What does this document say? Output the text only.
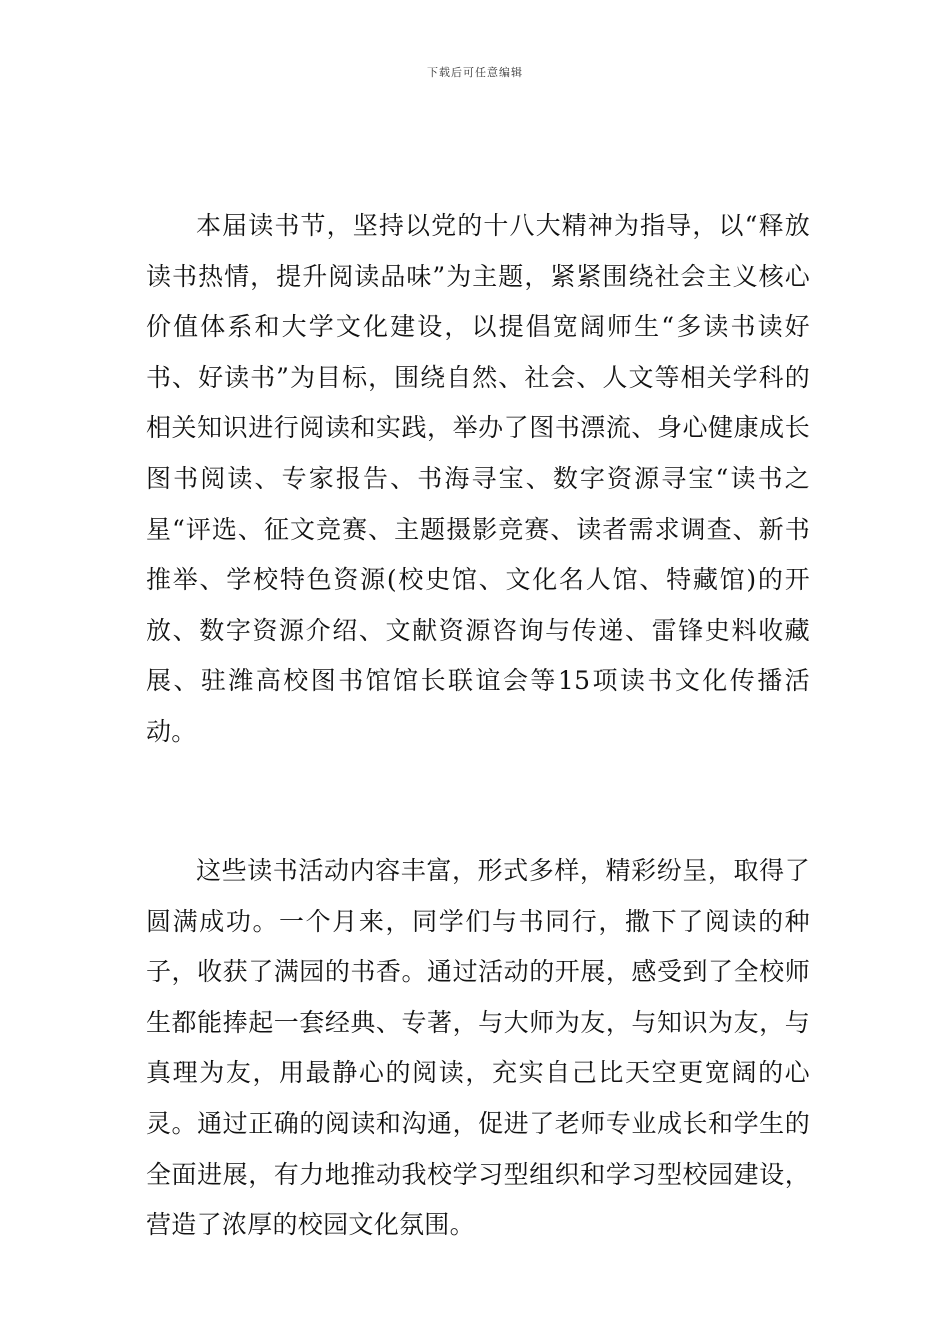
下载后可任意编辑

本届读书节，坚持以党的十八大精神为指导，以“释放读书热情，提升阅读品味”为主题，紧紧围绕社会主义核心价值体系和大学文化建设，以提倡宽阔师生“多读书读好书、好读书”为目标，围绕自然、社会、人文等相关学科的相关知识进行阅读和实践，举办了图书漂流、身心健康成长图书阅读、专家报告、书海寻宝、数字资源寻宝“读书之星“评选、征文竞赛、主题摄影竞赛、读者需求调查、新书推举、学校特色资源(校史馆、文化名人馆、特藏馆)的开放、数字资源介绍、文献资源咨询与传递、雷锋史料收藏展、驻潍高校图书馆馆长联谊会等15项读书文化传播活动。

这些读书活动内容丰富，形式多样，精彩纷呈，取得了圆满成功。一个月来，同学们与书同行，撒下了阅读的种子，收获了满园的书香。通过活动的开展，感受到了全校师生都能捧起一套经典、专著，与大师为友，与知识为友，与真理为友，用最静心的阅读，充实自己比天空更宽阔的心灵。通过正确的阅读和沟通，促进了老师专业成长和学生的全面进展，有力地推动我校学习型组织和学习型校园建设，营造了浓厚的校园文化氛围。
